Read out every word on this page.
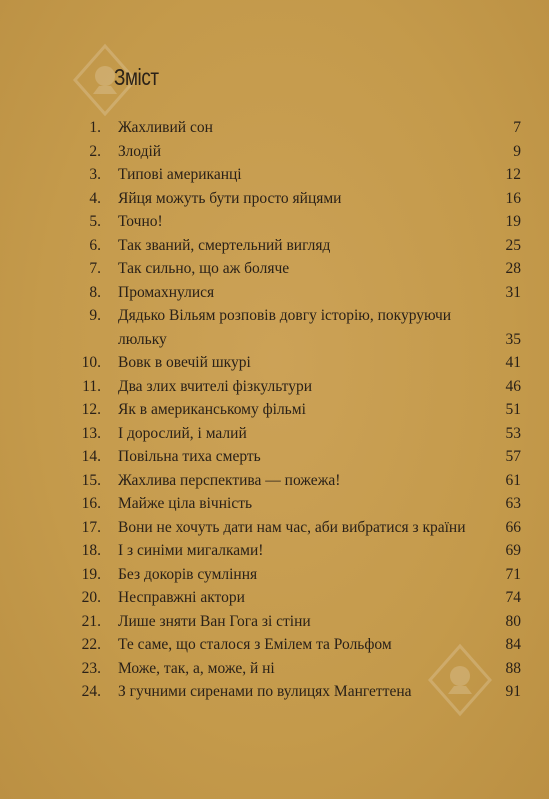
Зміст
1. Жахливий сон	7
2. Злодій	9
3. Типові американці	12
4. Яйця можуть бути просто яйцями	16
5. Точно!	19
6. Так званий, смертельний вигляд	25
7. Так сильно, що аж боляче	28
8. Промахнулися	31
9. Дядько Вільям розповів довгу історію, покуруючи люльку	35
10. Вовк в овечій шкурі	41
11. Два злих вчителі фізкультури	46
12. Як в американському фільмі	51
13. І дорослий, і малий	53
14. Повільна тиха смерть	57
15. Жахлива перспектива — пожежа!	61
16. Майже ціла вічність	63
17. Вони не хочуть дати нам час, аби вибратися з країни	66
18. І з синіми мигалками!	69
19. Без докорів сумління	71
20. Несправжні актори	74
21. Лише зняти Ван Гога зі стіни	80
22. Те саме, що сталося з Емілем та Рольфом	84
23. Може, так, а, може, й ні	88
24. З гучними сиренами по вулицях Мангеттена	91
